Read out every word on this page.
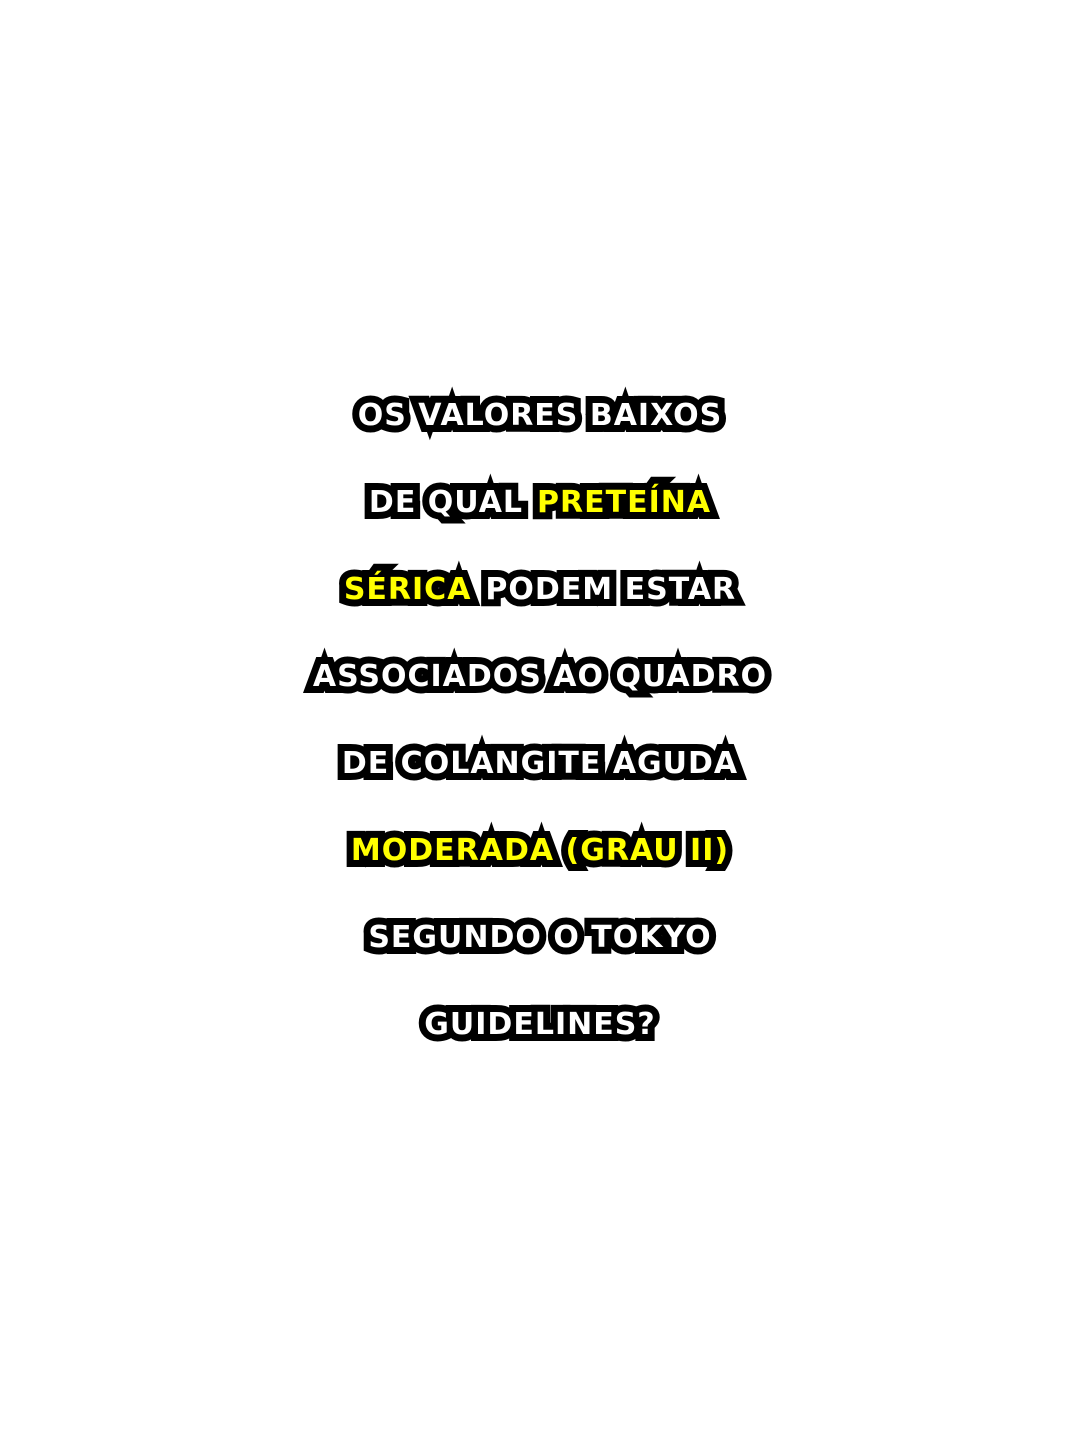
OS VALORES BAIXOS
DE QUAL PRETEÍNA
SÉRICA PODEM ESTAR
ASSOCIADOS AO QUADRO
DE COLANGITE AGUDA
MODERADA (GRAU II)
SEGUNDO O TOKYO
GUIDELINES?
